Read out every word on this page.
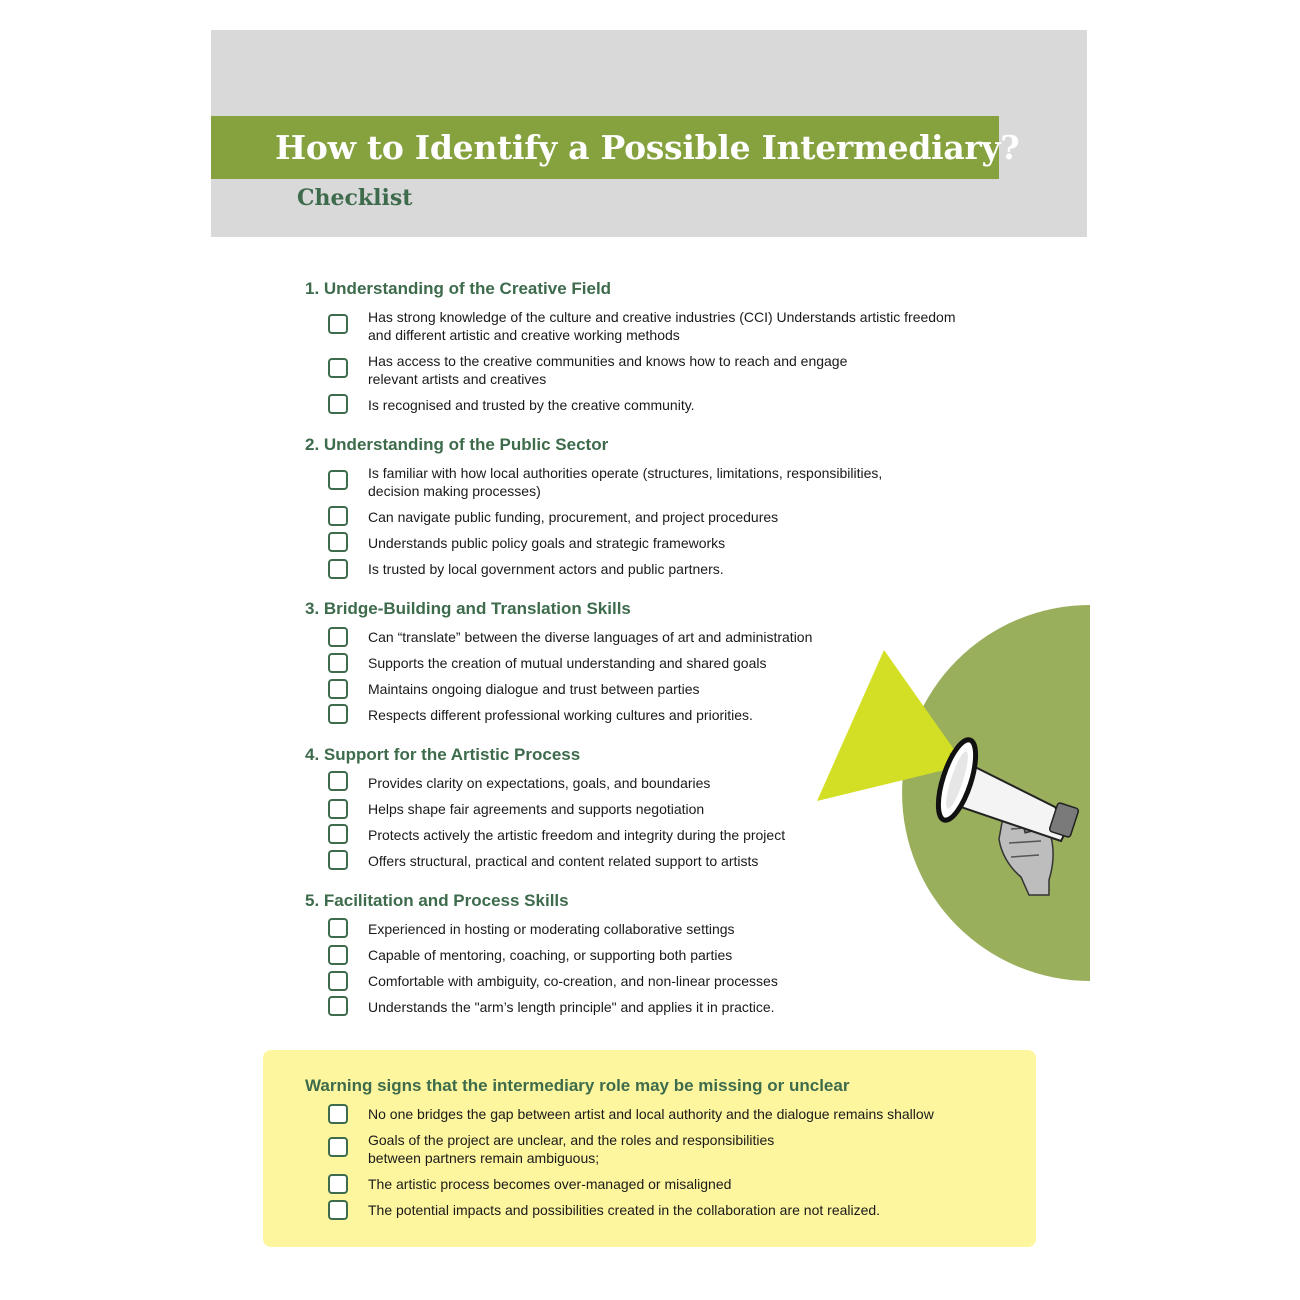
How to Identify a Possible Intermediary?
Checklist
1. Understanding of the Creative Field
Has strong knowledge of the culture and creative industries (CCI) Understands artistic freedom
and different artistic and creative working methods
Has access to the creative communities and knows how to reach and engage
relevant artists and creatives
Is recognised and trusted by the creative community.
2. Understanding of the Public Sector
Is familiar with how local authorities operate (structures, limitations, responsibilities,
decision making processes)
Can navigate public funding, procurement, and project procedures
Understands public policy goals and strategic frameworks
Is trusted by local government actors and public partners.
3. Bridge-Building and Translation Skills
Can “translate” between the diverse languages of art and administration
Supports the creation of mutual understanding and shared goals
Maintains ongoing dialogue and trust between parties
Respects different professional working cultures and priorities.
4. Support for the Artistic Process
Provides clarity on expectations, goals, and boundaries
Helps shape fair agreements and supports negotiation
Protects actively the artistic freedom and integrity during the project
Offers structural, practical and content related support to artists
5. Facilitation and Process Skills
Experienced in hosting or moderating collaborative settings
Capable of mentoring, coaching, or supporting both parties
Comfortable with ambiguity, co-creation, and non-linear processes
Understands the "arm’s length principle" and applies it in practice.
Warning signs that the intermediary role may be missing or unclear
No one bridges the gap between artist and local authority and the dialogue remains shallow
Goals of the project are unclear, and the roles and responsibilities
between partners remain ambiguous;
The artistic process becomes over-managed or misaligned
The potential impacts and possibilities created in the collaboration are not realized.
